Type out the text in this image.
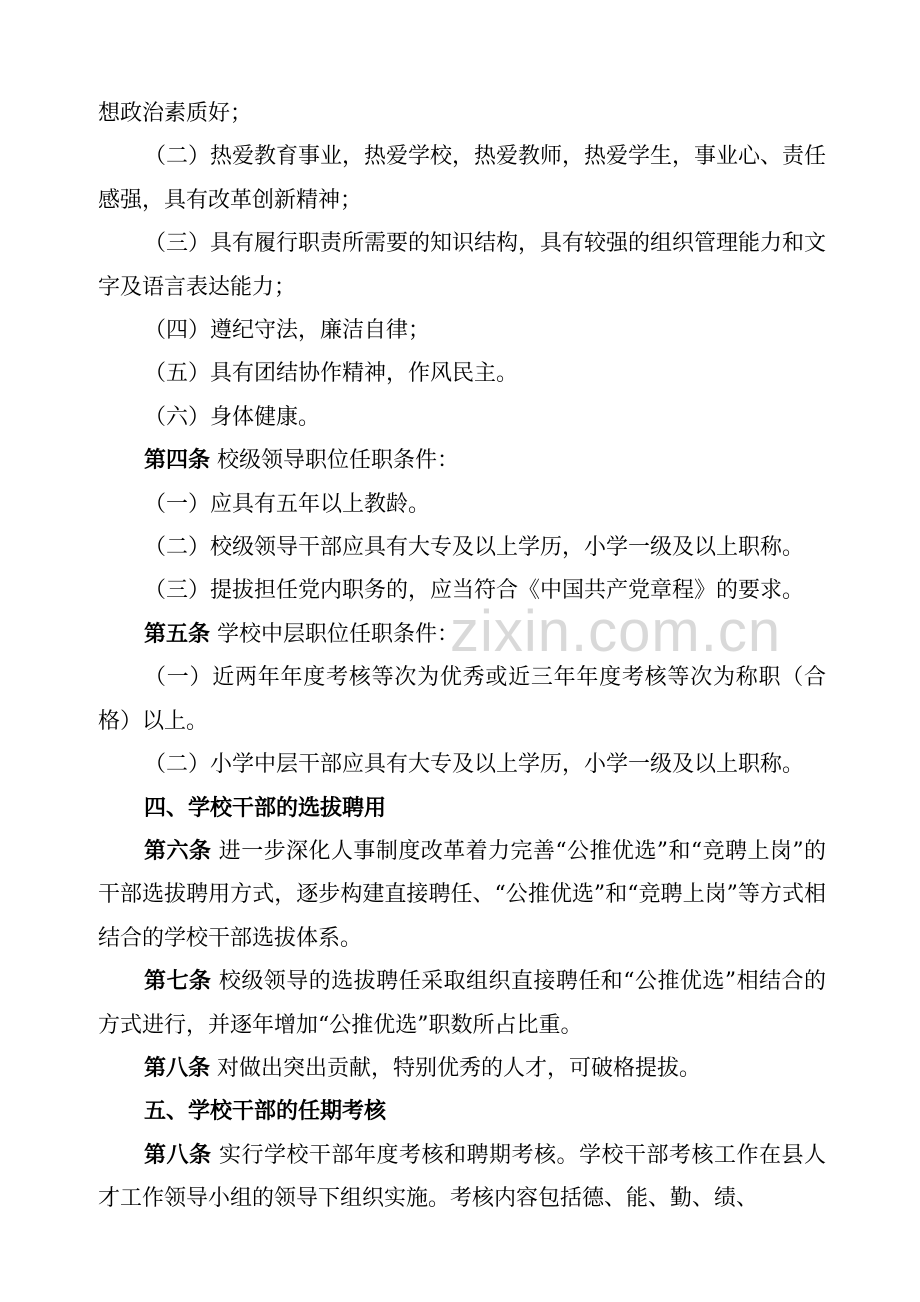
想政治素质好；

（二）热爱教育事业，热爱学校，热爱教师，热爱学生，事业心、责任感强，具有改革创新精神；

（三）具有履行职责所需要的知识结构，具有较强的组织管理能力和文字及语言表达能力；

（四）遵纪守法，廉洁自律；

（五）具有团结协作精神，作风民主。

（六）身体健康。

第四条 校级领导职位任职条件：

（一）应具有五年以上教龄。

（二）校级领导干部应具有大专及以上学历，小学一级及以上职称。

（三）提拔担任党内职务的，应当符合《中国共产党章程》的要求。

第五条 学校中层职位任职条件：

（一）近两年年度考核等次为优秀或近三年年度考核等次为称职（合格）以上。

（二）小学中层干部应具有大专及以上学历，小学一级及以上职称。

四、学校干部的选拔聘用

第六条 进一步深化人事制度改革着力完善“公推优选”和“竞聘上岗”的干部选拔聘用方式，逐步构建直接聘任、“公推优选”和“竞聘上岗”等方式相结合的学校干部选拔体系。

第七条 校级领导的选拔聘任采取组织直接聘任和“公推优选”相结合的方式进行，并逐年增加“公推优选”职数所占比重。

第八条 对做出突出贡献，特别优秀的人才，可破格提拔。

五、学校干部的任期考核

第八条 实行学校干部年度考核和聘期考核。学校干部考核工作在县人才工作领导小组的领导下组织实施。考核内容包括德、能、勤、绩、

zixin.com.cn
